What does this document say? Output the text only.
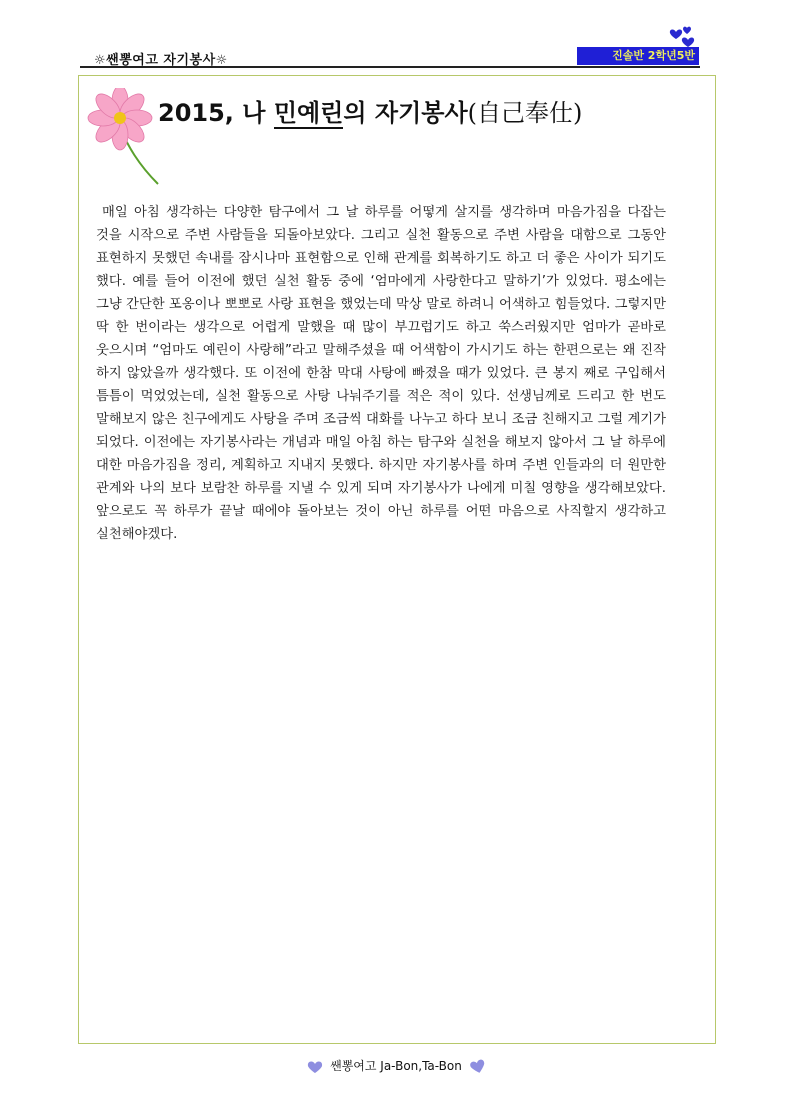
☼쌘뽕여고 자기봉사☼	진솔반 2학년5반
2015, 나 민예린의 자기봉사(自己奉仕)

매일 아침 생각하는 다양한 탐구에서 그 날 하루를 어떻게 살지를 생각하며 마음가짐을 다잡는 것을 시작으로 주변 사람들을 되돌아보았다. 그리고 실천 활동으로 주변 사람을 대함으로 그동안 표현하지 못했던 속내를 잠시나마 표현함으로 인해 관계를 회복하기도 하고 더 좋은 사이가 되기도 했다. 예를 들어 이전에 했던 실천 활동 중에 ‘엄마에게 사랑한다고 말하기’가 있었다. 평소에는 그냥 간단한 포옹이나 뽀뽀로 사랑 표현을 했었는데 막상 말로 하려니 어색하고 힘들었다. 그렇지만 딱 한 번이라는 생각으로 어렵게 말했을 때 많이 부끄럽기도 하고 쑥스러웠지만 엄마가 곧바로 웃으시며 “엄마도 예린이 사랑해”라고 말해주셨을 때 어색함이 가시기도 하는 한편으로는 왜 진작 하지 않았을까 생각했다. 또 이전에 한참 막대 사탕에 빠졌을 때가 있었다. 큰 봉지 째로 구입해서 틈틈이 먹었었는데, 실천 활동으로 사탕 나눠주기를 적은 적이 있다. 선생님께로 드리고 한 번도 말해보지 않은 친구에게도 사탕을 주며 조금씩 대화를 나누고 하다 보니 조금 친해지고 그럴 계기가 되었다. 이전에는 자기봉사라는 개념과 매일 아침 하는 탐구와 실천을 해보지 않아서 그 날 하루에 대한 마음가짐을 정리, 계획하고 지내지 못했다. 하지만 자기봉사를 하며 주변 인들과의 더 원만한 관계와 나의 보다 보람찬 하루를 지낼 수 있게 되며 자기봉사가 나에게 미칠 영향을 생각해보았다. 앞으로도 꼭 하루가 끝날 때에야 돌아보는 것이 아닌 하루를 어떤 마음으로 사직할지 생각하고 실천해야겠다.

쌘뽕여고 Ja-Bon,Ta-Bon
